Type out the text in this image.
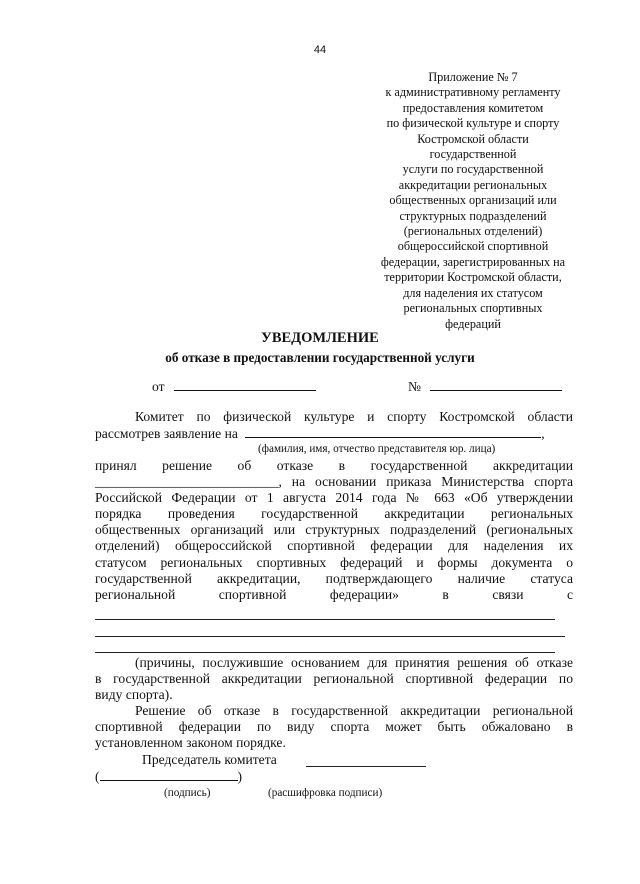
44
Приложение № 7
к административному регламенту
предоставления комитетом
по физической культуре и спорту
Костромской области
государственной
услуги по государственной
аккредитации региональных
общественных организаций или
структурных подразделений
(региональных отделений)
общероссийской спортивной
федерации, зарегистрированных на
территории Костромской области,
для наделения их статусом
региональных спортивных
федераций
УВЕДОМЛЕНИЕ
об отказе в предоставлении государственной услуги
от	№
Комитет по физической культуре и спорту Костромской области
рассмотрев заявление на	,
(фамилия, имя, отчество представителя юр. лица)
принял решение об отказе в государственной аккредитации
___________________________, на основании приказа Министерства спорта
Российской Федерации от 1 августа 2014 года № 663 «Об утверждении
порядка проведения государственной аккредитации региональных
общественных организаций или структурных подразделений (региональных
отделений) общероссийской спортивной федерации для наделения их
статусом региональных спортивных федераций и формы документа о
государственной аккредитации, подтверждающего наличие статуса
региональной спортивной федерации» в связи с
(причины, послужившие основанием для принятия решения об отказе
в государственной аккредитации региональной спортивной федерации по
виду спорта).
Решение об отказе в государственной аккредитации региональной
спортивной федерации по виду спорта может быть обжаловано в
установленном законом порядке.
Председатель комитета
(	)
(подпись)	(расшифровка подписи)
